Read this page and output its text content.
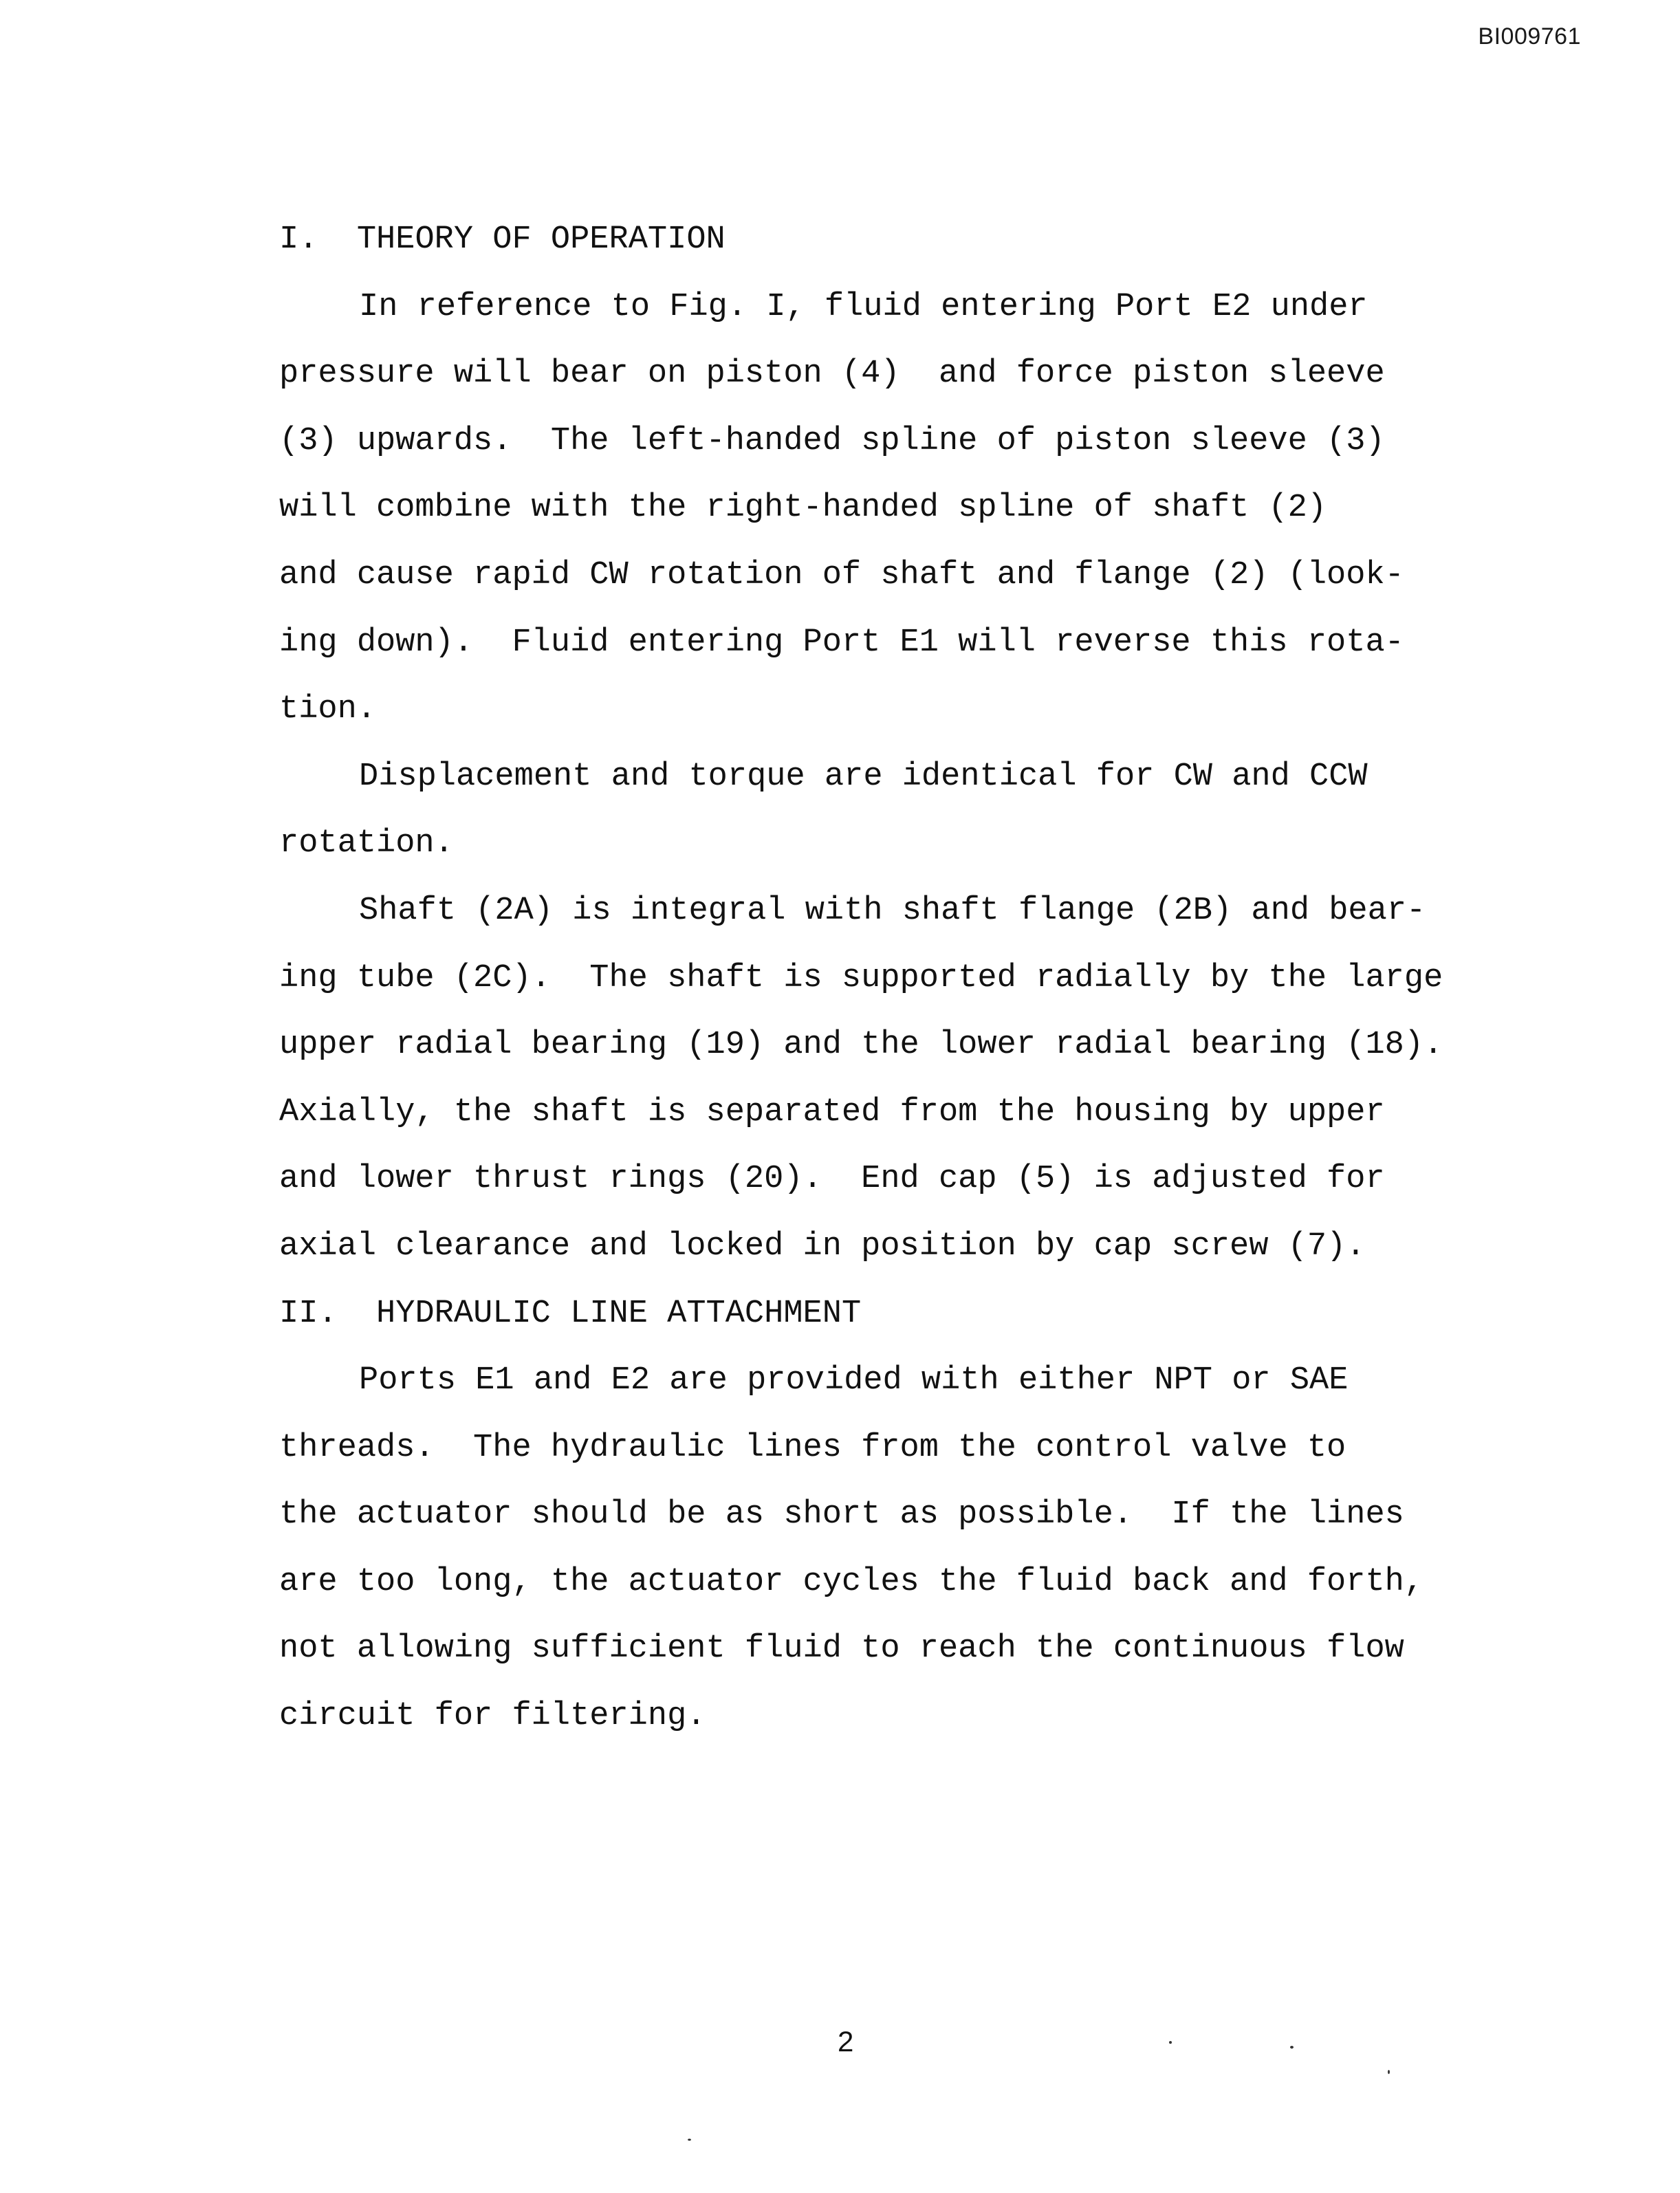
BI009761
I. THEORY OF OPERATION
In reference to Fig. I, fluid entering Port E2 under
pressure will bear on piston (4)  and force piston sleeve
(3) upwards.  The left-handed spline of piston sleeve (3)
will combine with the right-handed spline of shaft (2)
and cause rapid CW rotation of shaft and flange (2) (look-
ing down).  Fluid entering Port E1 will reverse this rota-
tion.
Displacement and torque are identical for CW and CCW
rotation.
Shaft (2A) is integral with shaft flange (2B) and bear-
ing tube (2C).  The shaft is supported radially by the large
upper radial bearing (19) and the lower radial bearing (18).
Axially, the shaft is separated from the housing by upper
and lower thrust rings (20).  End cap (5) is adjusted for
axial clearance and locked in position by cap screw (7).
II. HYDRAULIC LINE ATTACHMENT
Ports E1 and E2 are provided with either NPT or SAE
threads.  The hydraulic lines from the control valve to
the actuator should be as short as possible.  If the lines
are too long, the actuator cycles the fluid back and forth,
not allowing sufficient fluid to reach the continuous flow
circuit for filtering.
2
